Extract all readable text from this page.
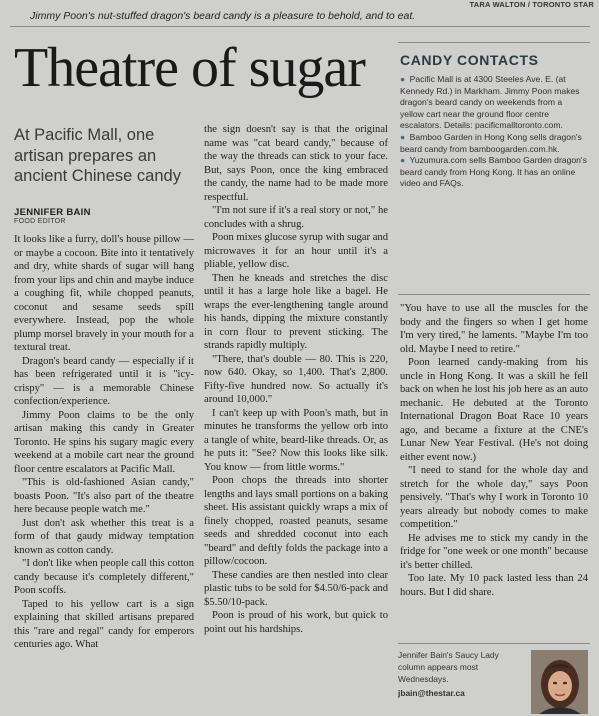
TARA WALTON / TORONTO STAR
Jimmy Poon's nut-stuffed dragon's beard candy is a pleasure to behold, and to eat.
Theatre of sugar
At Pacific Mall, one artisan prepares an ancient Chinese candy
JENNIFER BAIN
FOOD EDITOR

It looks like a furry, doll's house pillow — or maybe a cocoon. Bite into it tentatively and dry, white shards of sugar will hang from your lips and chin and maybe induce a coughing fit, while chopped peanuts, coconut and sesame seeds spill everywhere. Instead, pop the whole plump morsel bravely in your mouth for a textural treat.

Dragon's beard candy — especially if it has been refrigerated until it is "icy-crispy" — is a memorable Chinese confection/experience.

Jimmy Poon claims to be the only artisan making this candy in Greater Toronto. He spins his sugary magic every weekend at a mobile cart near the ground floor centre escalators at Pacific Mall.

"This is old-fashioned Asian candy," boasts Poon. "It's also part of the theatre here because people watch me."

Just don't ask whether this treat is a form of that gaudy midway temptation known as cotton candy.

"I don't like when people call this cotton candy because it's completely different," Poon scoffs.

Taped to his yellow cart is a sign explaining that skilled artisans prepared this "rare and regal" candy for emperors centuries ago. What

the sign doesn't say is that the original name was "cat beard candy," because of the way the threads can stick to your face. But, says Poon, once the king embraced the candy, the name had to be made more respectful.

"I'm not sure if it's a real story or not," he concludes with a shrug.

Poon mixes glucose syrup with sugar and microwaves it for an hour until it's a pliable, yellow disc.

Then he kneads and stretches the disc until it has a large hole like a bagel. He wraps the ever-lengthening tangle around his hands, dipping the mixture constantly in corn flour to prevent sticking. The strands rapidly multiply.

"There, that's double — 80. This is 220, now 640. Okay, so 1,400. That's 2,800. Fifty-five hundred now. So actually it's around 10,000."

I can't keep up with Poon's math, but in minutes he transforms the yellow orb into a tangle of white, beard-like threads. Or, as he puts it: "See? Now this looks like silk. You know — from little worms."

Poon chops the threads into shorter lengths and lays small portions on a baking sheet. His assistant quickly wraps a mix of finely chopped, roasted peanuts, sesame seeds and shredded coconut into each "beard" and deftly folds the package into a pillow/cocoon.

These candies are then nestled into clear plastic tubs to be sold for $4.50/6-pack and $5.50/10-pack.

Poon is proud of his work, but quick to point out his hardships.

CANDY CONTACTS
● Pacific Mall is at 4300 Steeles Ave. E. (at Kennedy Rd.) in Markham. Jimmy Poon makes dragon's beard candy on weekends from a yellow cart near the ground floor centre escalators. Details: pacificmalltoronto.com.
● Bamboo Garden in Hong Kong sells dragon's beard candy from bamboogarden.com.hk.
● Yuzumura.com sells Bamboo Garden dragon's beard candy from Hong Kong. It has an online video and FAQs.

"You have to use all the muscles for the body and the fingers so when I get home I'm very tired," he laments. "Maybe I'm too old. Maybe I need to retire."

Poon learned candy-making from his uncle in Hong Kong. It was a skill he fell back on when he lost his job here as an auto mechanic. He debuted at the Toronto International Dragon Boat Race 10 years ago, and became a fixture at the CNE's Lunar New Year Festival. (He's not doing either event now.)

"I need to stand for the whole day and stretch for the whole day," says Poon pensively. "That's why I work in Toronto 10 years already but nobody comes to make competition."

He advises me to stick my candy in the fridge for "one week or one month" because it's better chilled.

Too late. My 10 pack lasted less than 24 hours. But I did share.

Jennifer Bain's Saucy Lady column appears most Wednesdays.
jbain@thestar.ca
